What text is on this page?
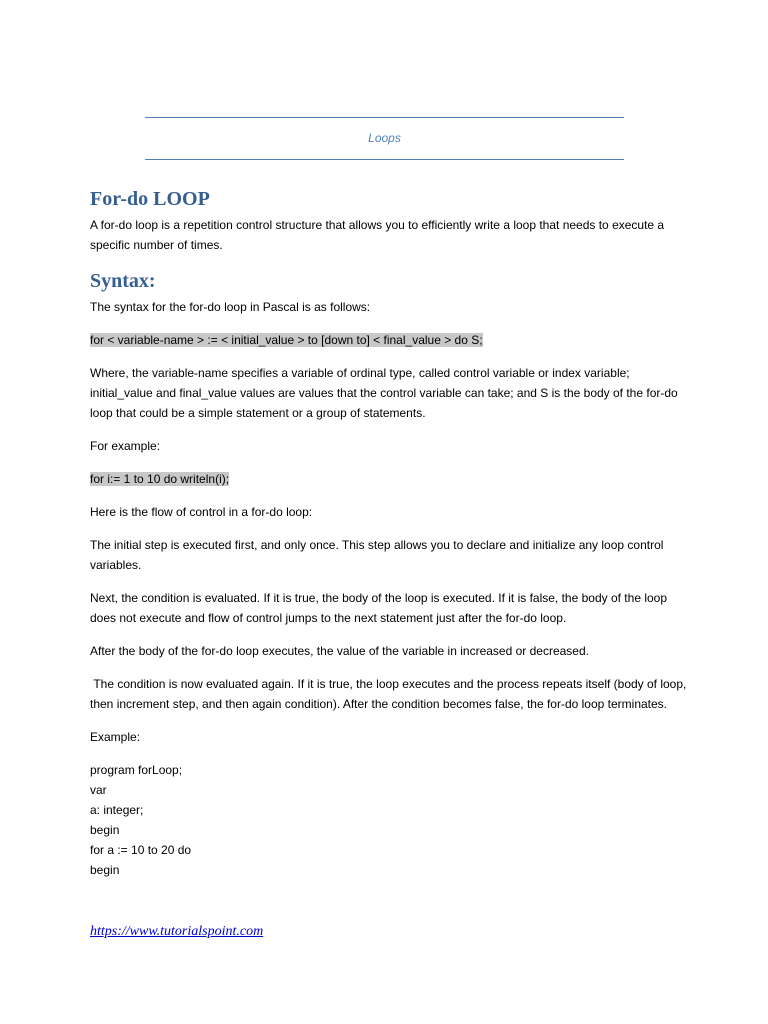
Loops
For-do LOOP

A for-do loop is a repetition control structure that allows you to efficiently write a loop that needs to execute a specific number of times.

Syntax:

The syntax for the for-do loop in Pascal is as follows:

for < variable-name > := < initial_value > to [down to] < final_value > do S;

Where, the variable-name specifies a variable of ordinal type, called control variable or index variable; initial_value and final_value values are values that the control variable can take; and S is the body of the for-do loop that could be a simple statement or a group of statements.

For example:

for i:= 1 to 10 do writeln(i);

Here is the flow of control in a for-do loop:

The initial step is executed first, and only once. This step allows you to declare and initialize any loop control variables.

Next, the condition is evaluated. If it is true, the body of the loop is executed. If it is false, the body of the loop does not execute and flow of control jumps to the next statement just after the for-do loop.

After the body of the for-do loop executes, the value of the variable in increased or decreased.

The condition is now evaluated again. If it is true, the loop executes and the process repeats itself (body of loop, then increment step, and then again condition). After the condition becomes false, the for-do loop terminates.

Example:

program forLoop;
var
a: integer;
begin
for a := 10 to 20 do
begin
https://www.tutorialspoint.com
